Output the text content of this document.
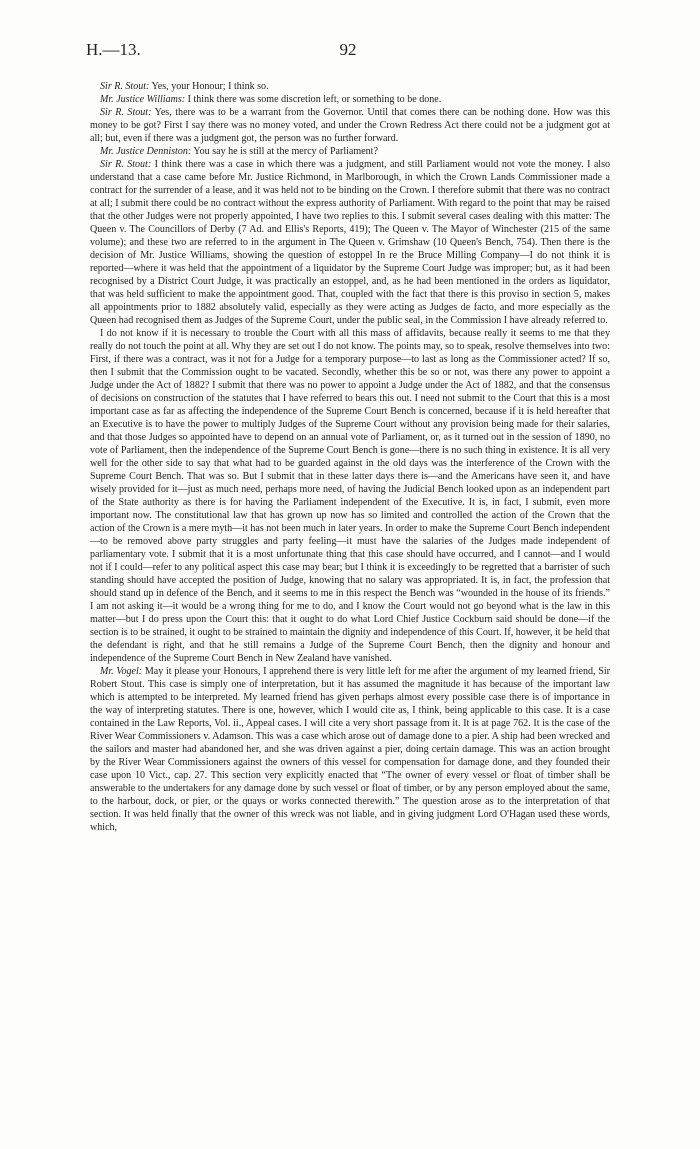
H.—13.	92

Sir R. Stout: Yes, your Honour; I think so.

Mr. Justice Williams: I think there was some discretion left, or something to be done.

Sir R. Stout: Yes, there was to be a warrant from the Governor. Until that comes there can be nothing done. How was this money to be got? First I say there was no money voted, and under the Crown Redress Act there could not be a judgment got at all; but, even if there was a judgment got, the person was no further forward.

Mr. Justice Denniston: You say he is still at the mercy of Parliament?

Sir R. Stout: I think there was a case in which there was a judgment, and still Parliament would not vote the money. I also understand that a case came before Mr. Justice Richmond, in Marlborough, in which the Crown Lands Commissioner made a contract for the surrender of a lease, and it was held not to be binding on the Crown. I therefore submit that there was no contract at all; I submit there could be no contract without the express authority of Parliament. With regard to the point that may be raised that the other Judges were not properly appointed, I have two replies to this. I submit several cases dealing with this matter: The Queen v. The Councillors of Derby (7 Ad. and Ellis's Reports, 419); The Queen v. The Mayor of Winchester (215 of the same volume); and these two are referred to in the argument in The Queen v. Grimshaw (10 Queen's Bench, 754). Then there is the decision of Mr. Justice Williams, showing the question of estoppel In re the Bruce Milling Company—I do not think it is reported—where it was held that the appointment of a liquidator by the Supreme Court Judge was improper; but, as it had been recognised by a District Court Judge, it was practically an estoppel, and, as he had been mentioned in the orders as liquidator, that was held sufficient to make the appointment good. That, coupled with the fact that there is this proviso in section 5, makes all appointments prior to 1882 absolutely valid, especially as they were acting as Judges de facto, and more especially as the Queen had recognised them as Judges of the Supreme Court, under the public seal, in the Commission I have already referred to.

I do not know if it is necessary to trouble the Court with all this mass of affidavits, because really it seems to me that they really do not touch the point at all. Why they are set out I do not know. The points may, so to speak, resolve themselves into two: First, if there was a contract, was it not for a Judge for a temporary purpose—to last as long as the Commissioner acted? If so, then I submit that the Commission ought to be vacated. Secondly, whether this be so or not, was there any power to appoint a Judge under the Act of 1882? I submit that there was no power to appoint a Judge under the Act of 1882, and that the consensus of decisions on construction of the statutes that I have referred to bears this out. I need not submit to the Court that this is a most important case as far as affecting the independence of the Supreme Court Bench is concerned, because if it is held hereafter that an Executive is to have the power to multiply Judges of the Supreme Court without any provision being made for their salaries, and that those Judges so appointed have to depend on an annual vote of Parliament, or, as it turned out in the session of 1890, no vote of Parliament, then the independence of the Supreme Court Bench is gone—there is no such thing in existence. It is all very well for the other side to say that what had to be guarded against in the old days was the interference of the Crown with the Supreme Court Bench. That was so. But I submit that in these latter days there is—and the Americans have seen it, and have wisely provided for it—just as much need, perhaps more need, of having the Judicial Bench looked upon as an independent part of the State authority as there is for having the Parliament independent of the Executive. It is, in fact, I submit, even more important now. The constitutional law that has grown up now has so limited and controlled the action of the Crown that the action of the Crown is a mere myth—it has not been much in later years. In order to make the Supreme Court Bench independent—to be removed above party struggles and party feeling—it must have the salaries of the Judges made independent of parliamentary vote. I submit that it is a most unfortunate thing that this case should have occurred, and I cannot—and I would not if I could—refer to any political aspect this case may bear; but I think it is exceedingly to be regretted that a barrister of such standing should have accepted the position of Judge, knowing that no salary was appropriated. It is, in fact, the profession that should stand up in defence of the Bench, and it seems to me in this respect the Bench was “wounded in the house of its friends.” I am not asking it—it would be a wrong thing for me to do, and I know the Court would not go beyond what is the law in this matter—but I do press upon the Court this: that it ought to do what Lord Chief Justice Cockburn said should be done—if the section is to be strained, it ought to be strained to maintain the dignity and independence of this Court. If, however, it be held that the defendant is right, and that he still remains a Judge of the Supreme Court Bench, then the dignity and honour and independence of the Supreme Court Bench in New Zealand have vanished.

Mr. Vogel: May it please your Honours, I apprehend there is very little left for me after the argument of my learned friend, Sir Robert Stout. This case is simply one of interpretation, but it has assumed the magnitude it has because of the important law which is attempted to be interpreted. My learned friend has given perhaps almost every possible case there is of importance in the way of interpreting statutes. There is one, however, which I would cite as, I think, being applicable to this case. It is a case contained in the Law Reports, Vol. ii., Appeal cases. I will cite a very short passage from it. It is at page 762. It is the case of the River Wear Commissioners v. Adamson. This was a case which arose out of damage done to a pier. A ship had been wrecked and the sailors and master had abandoned her, and she was driven against a pier, doing certain damage. This was an action brought by the River Wear Commissioners against the owners of this vessel for compensation for damage done, and they founded their case upon 10 Vict., cap. 27. This section very explicitly enacted that “The owner of every vessel or float of timber shall be answerable to the undertakers for any damage done by such vessel or float of timber, or by any person employed about the same, to the harbour, dock, or pier, or the quays or works connected therewith.” The question arose as to the interpretation of that section. It was held finally that the owner of this wreck was not liable, and in giving judgment Lord O'Hagan used these words, which,
